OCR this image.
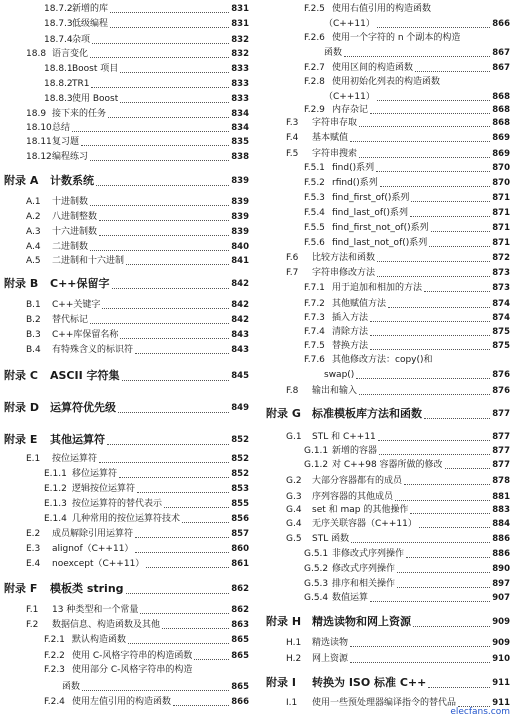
18.7.2 新增的库	831
18.7.3 低级编程	831
18.7.4 杂项	832
18.8 语言变化	832
18.8.1 Boost 项目	833
18.8.2 TR1	833
18.8.3 使用 Boost	833
18.9 接下来的任务	834
18.10 总结	834
18.11 复习题	835
18.12 编程练习	838
附录 A	计数系统	839
A.1	十进制数	839
A.2	八进制整数	839
A.3	十六进制数	839
A.4	二进制数	840
A.5	二进制和十六进制	841
附录 B	C++保留字	842
B.1	C++关键字	842
B.2	替代标记	842
B.3	C++库保留名称	843
B.4	有特殊含义的标识符	843
附录 C	ASCII 字符集	845
附录 D	运算符优先级	849
附录 E	其他运算符	852
E.1	按位运算符	852
E.1.1 移位运算符	852
E.1.2 逻辑按位运算符	853
E.1.3 按位运算符的替代表示	855
E.1.4 几种常用的按位运算符技术	856
E.2	成员解除引用运算符	857
E.3	alignof（C++11）	860
E.4	noexcept（C++11）	861
附录 F	模板类 string	862
F.1	13 种类型和一个常量	862
F.2	数据信息、构造函数及其他	863
F.2.1 默认构造函数	865
F.2.2 使用 C-风格字符串的构造函数	865
F.2.3 使用部分 C-风格字符串的构造
函数	865
F.2.4 使用左值引用的构造函数	866
F.2.5 使用右值引用的构造函数
（C++11）	866
F.2.6 使用一个字符的 n 个副本的构造
函数	867
F.2.7 使用区间的构造函数	867
F.2.8 使用初始化列表的构造函数
（C++11）	868
F.2.9 内存杂记	868
F.3	字符串存取	868
F.4	基本赋值	869
F.5	字符串搜索	869
F.5.1 find()系列	870
F.5.2 rfind()系列	870
F.5.3 find_first_of()系列	871
F.5.4 find_last_of()系列	871
F.5.5 find_first_not_of()系列	871
F.5.6 find_last_not_of()系列	871
F.6	比较方法和函数	872
F.7	字符串修改方法	873
F.7.1 用于追加和相加的方法	873
F.7.2 其他赋值方法	874
F.7.3 插入方法	874
F.7.4 清除方法	875
F.7.5 替换方法	875
F.7.6 其他修改方法：copy()和
swap()	876
F.8	输出和输入	876
附录 G	标准模板库方法和函数	877
G.1	STL 和 C++11	877
G.1.1 新增的容器	877
G.1.2 对 C++98 容器所做的修改	877
G.2	大部分容器都有的成员	878
G.3	序列容器的其他成员	881
G.4	set 和 map 的其他操作	883
G.4	无序关联容器（C++11）	884
G.5	STL 函数	886
G.5.1 非修改式序列操作	886
G.5.2 修改式序列操作	890
G.5.3 排序和相关操作	897
G.5.4 数值运算	907
附录 H 精选读物和网上资源	909
H.1	精选读物	909
H.2	网上资源	910
附录 I	转换为 ISO 标准 C++	911
I.1	使用一些预处理器编译指令的替代品	911
elecfans.com
